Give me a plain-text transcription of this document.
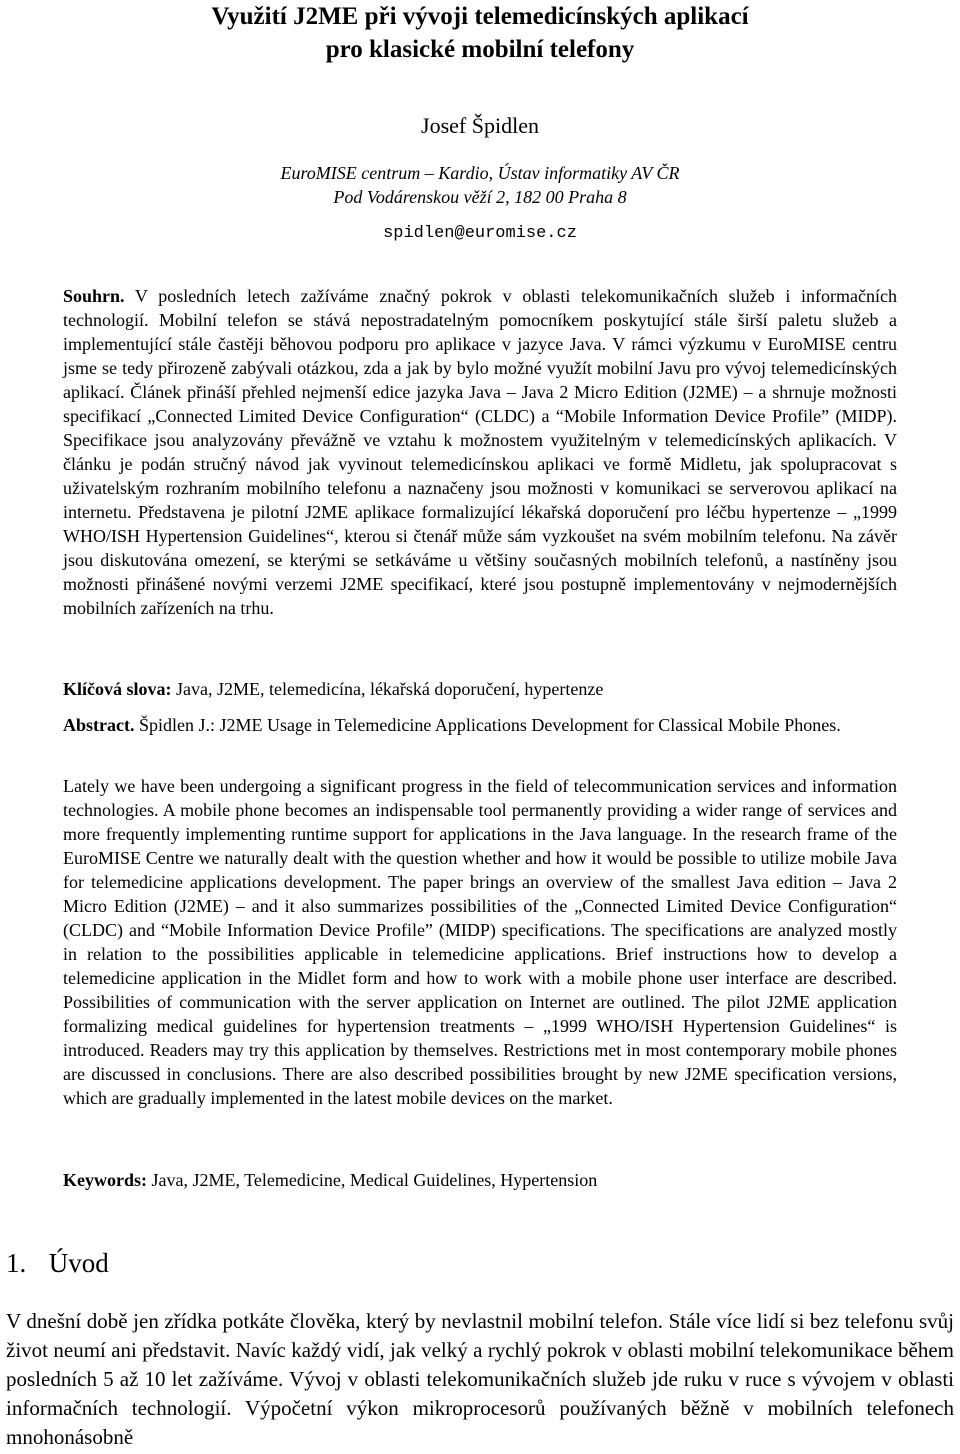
Využití J2ME při vývoji telemedicínských aplikací
pro klasické mobilní telefony
Josef Špidlen
EuroMISE centrum – Kardio, Ústav informatiky AV ČR
Pod Vodárenskou věží 2, 182 00 Praha 8
spidlen@euromise.cz
Souhrn. V posledních letech zažíváme značný pokrok v oblasti telekomunikačních služeb i informačních technologií. Mobilní telefon se stává nepostradatelným pomocníkem poskytující stále širší paletu služeb a implementující stále častěji běhovou podporu pro aplikace v jazyce Java. V rámci výzkumu v EuroMISE centru jsme se tedy přirozeně zabývali otázkou, zda a jak by bylo možné využít mobilní Javu pro vývoj telemedicínských aplikací. Článek přináší přehled nejmenší edice jazyka Java – Java 2 Micro Edition (J2ME) – a shrnuje možnosti specifikací „Connected Limited Device Configuration“ (CLDC) a “Mobile Information Device Profile” (MIDP). Specifikace jsou analyzovány převážně ve vztahu k možnostem využitelným v telemedicínských aplikacích. V článku je podán stručný návod jak vyvinout telemedicínskou aplikaci ve formě Midletu, jak spolupracovat s uživatelským rozhraním mobilního telefonu a naznačeny jsou možnosti v komunikaci se serverovou aplikací na internetu. Představena je pilotní J2ME aplikace formalizující lékařská doporučení pro léčbu hypertenze – „1999 WHO/ISH Hypertension Guidelines“, kterou si čtenář může sám vyzkoušet na svém mobilním telefonu. Na závěr jsou diskutována omezení, se kterými se setkáváme u většiny současných mobilních telefonů, a nastíněny jsou možnosti přinášené novými verzemi J2ME specifikací, které jsou postupně implementovány v nejmodernějších mobilních zařízeních na trhu.
Klíčová slova: Java, J2ME, telemedicína, lékařská doporučení, hypertenze
Abstract. Špidlen J.: J2ME Usage in Telemedicine Applications Development for Classical Mobile Phones.
Lately we have been undergoing a significant progress in the field of telecommunication services and information technologies. A mobile phone becomes an indispensable tool permanently providing a wider range of services and more frequently implementing runtime support for applications in the Java language. In the research frame of the EuroMISE Centre we naturally dealt with the question whether and how it would be possible to utilize mobile Java for telemedicine applications development. The paper brings an overview of the smallest Java edition – Java 2 Micro Edition (J2ME) – and it also summarizes possibilities of the „Connected Limited Device Configuration“ (CLDC) and “Mobile Information Device Profile” (MIDP) specifications. The specifications are analyzed mostly in relation to the possibilities applicable in telemedicine applications. Brief instructions how to develop a telemedicine application in the Midlet form and how to work with a mobile phone user interface are described. Possibilities of communication with the server application on Internet are outlined. The pilot J2ME application formalizing medical guidelines for hypertension treatments – „1999 WHO/ISH Hypertension Guidelines“ is introduced. Readers may try this application by themselves. Restrictions met in most contemporary mobile phones are discussed in conclusions. There are also described possibilities brought by new J2ME specification versions, which are gradually implemented in the latest mobile devices on the market.
Keywords: Java, J2ME, Telemedicine, Medical Guidelines, Hypertension
1. Úvod
V dnešní době jen zřídka potkáte člověka, který by nevlastnil mobilní telefon. Stále více lidí si bez telefonu svůj život neumí ani představit. Navíc každý vidí, jak velký a rychlý pokrok v oblasti mobilní telekomunikace během posledních 5 až 10 let zažíváme. Vývoj v oblasti telekomunikačních služeb jde ruku v ruce s vývojem v oblasti informačních technologií. Výpočetní výkon mikroprocesorů používaných běžně v mobilních telefonech mnohonásobně
